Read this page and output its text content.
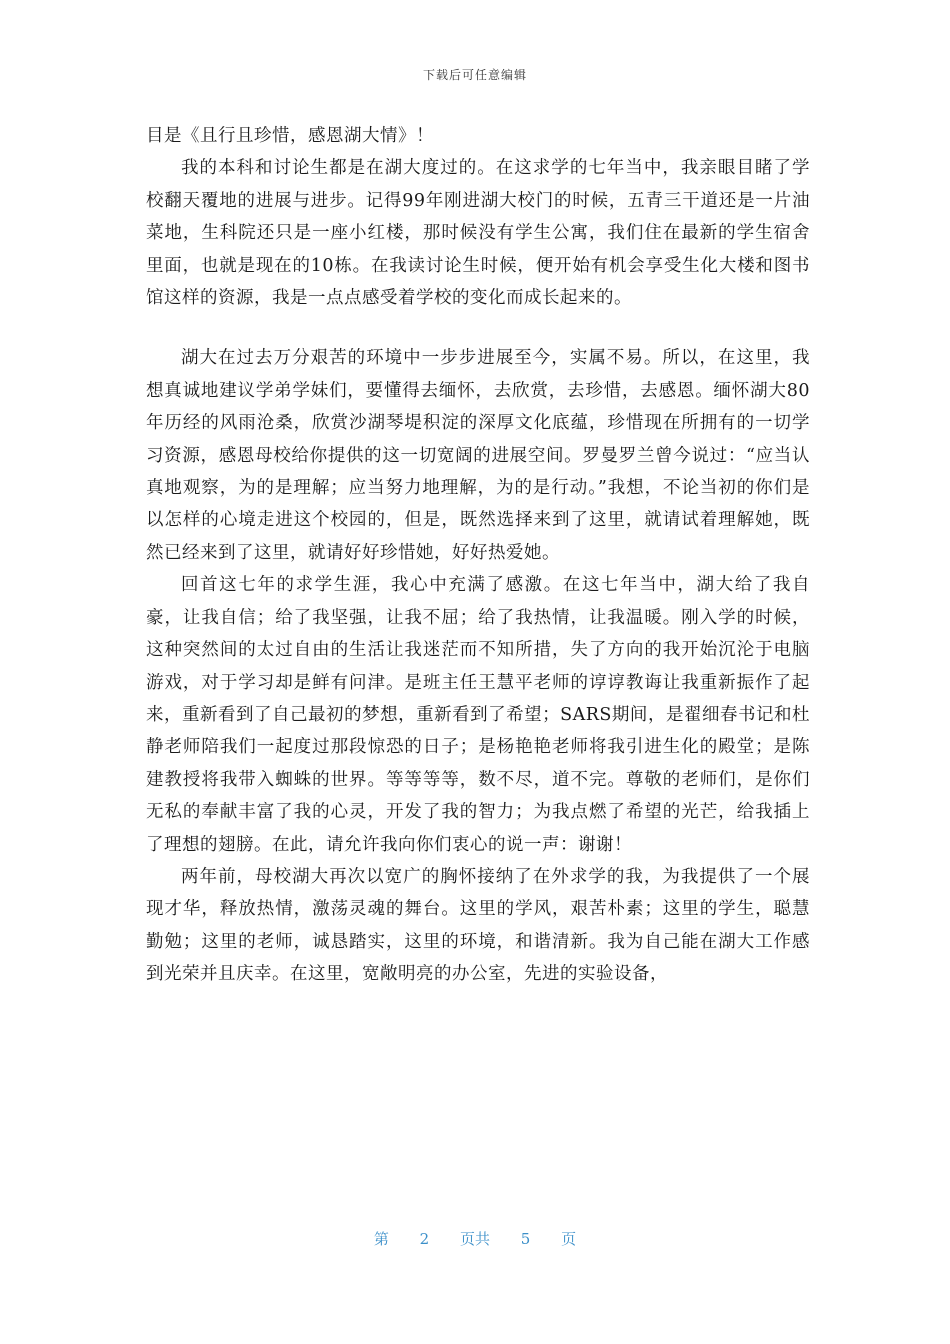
下载后可任意编辑

目是《且行且珍惜，感恩湖大情》！

我的本科和讨论生都是在湖大度过的。在这求学的七年当中，我亲眼目睹了学校翻天覆地的进展与进步。记得99年刚进湖大校门的时候，五青三干道还是一片油菜地，生科院还只是一座小红楼，那时候没有学生公寓，我们住在最新的学生宿舍里面，也就是现在的10栋。在我读讨论生时候，便开始有机会享受生化大楼和图书馆这样的资源，我是一点点感受着学校的变化而成长起来的。

湖大在过去万分艰苦的环境中一步步进展至今，实属不易。所以，在这里，我想真诚地建议学弟学妹们，要懂得去缅怀，去欣赏，去珍惜，去感恩。缅怀湖大80年历经的风雨沧桑，欣赏沙湖琴堤积淀的深厚文化底蕴，珍惜现在所拥有的一切学习资源，感恩母校给你提供的这一切宽阔的进展空间。罗曼罗兰曾今说过：“应当认真地观察，为的是理解；应当努力地理解，为的是行动。”我想，不论当初的你们是以怎样的心境走进这个校园的，但是，既然选择来到了这里，就请试着理解她，既然已经来到了这里，就请好好珍惜她，好好热爱她。

回首这七年的求学生涯，我心中充满了感激。在这七年当中，湖大给了我自豪，让我自信；给了我坚强，让我不屈；给了我热情，让我温暖。刚入学的时候，这种突然间的太过自由的生活让我迷茫而不知所措，失了方向的我开始沉沦于电脑游戏，对于学习却是鲜有问津。是班主任王慧平老师的谆谆教诲让我重新振作了起来，重新看到了自己最初的梦想，重新看到了希望；SARS期间，是翟细春书记和杜静老师陪我们一起度过那段惊恐的日子；是杨艳艳老师将我引进生化的殿堂；是陈建教授将我带入蜘蛛的世界。等等等等，数不尽，道不完。尊敬的老师们，是你们无私的奉献丰富了我的心灵，开发了我的智力；为我点燃了希望的光芒，给我插上了理想的翅膀。在此，请允许我向你们衷心的说一声：谢谢！

两年前，母校湖大再次以宽广的胸怀接纳了在外求学的我，为我提供了一个展现才华，释放热情，激荡灵魂的舞台。这里的学风，艰苦朴素；这里的学生，聪慧勤勉；这里的老师，诚恳踏实，这里的环境，和谐清新。我为自己能在湖大工作感到光荣并且庆幸。在这里，宽敞明亮的办公室，先进的实验设备，

第 2 页共 5 页
